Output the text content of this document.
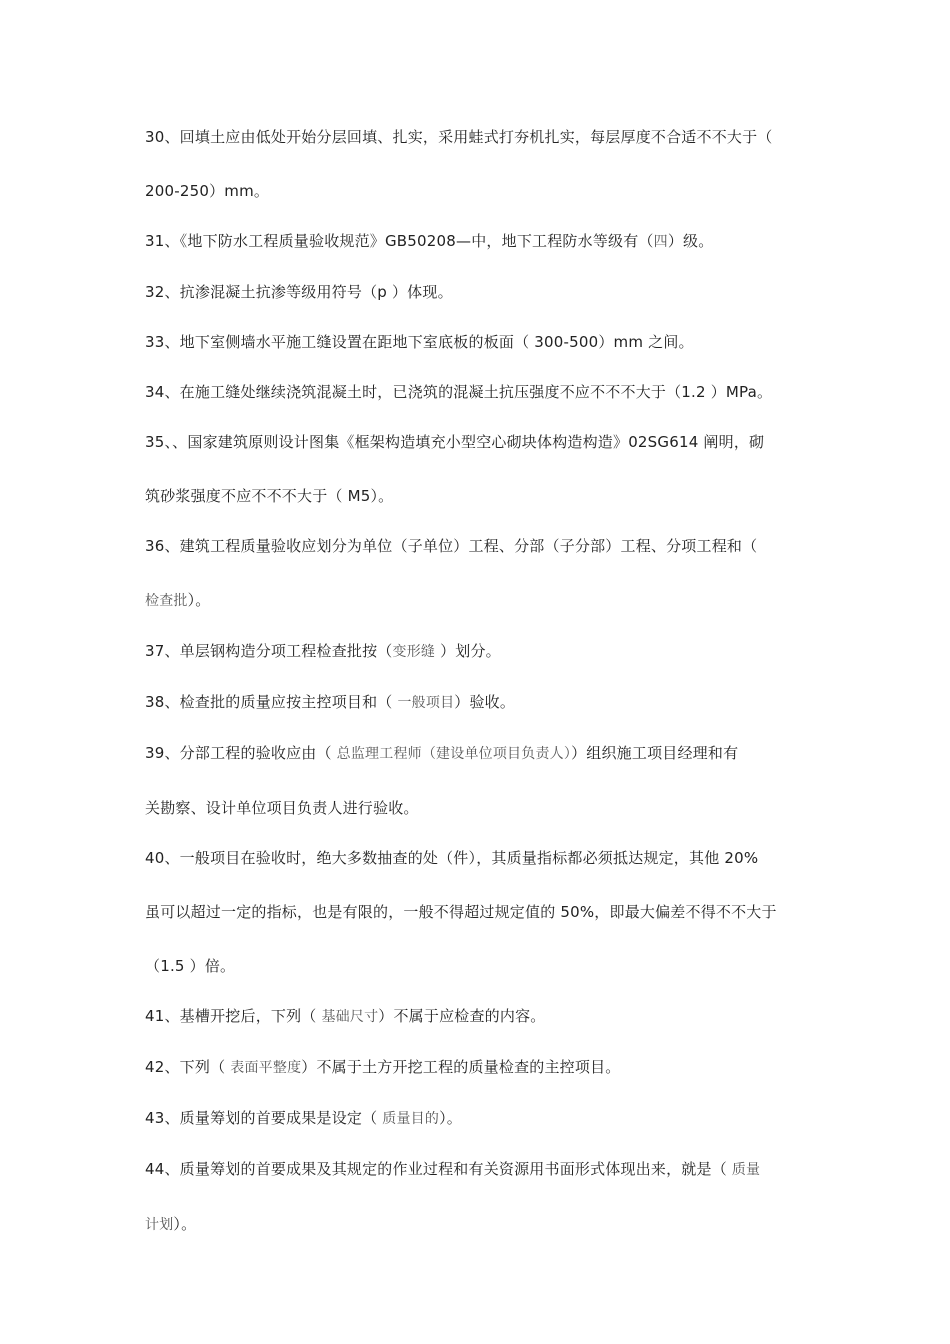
30、回填土应由低处开始分层回填、扎实，采用蛙式打夯机扎实，每层厚度不合适不不大于（
200-250）mm。
31、《地下防水工程质量验收规范》GB50208—中，地下工程防水等级有（四）级。
32、抗渗混凝土抗渗等级用符号（p ）体现。
33、地下室侧墙水平施工缝设置在距地下室底板的板面（ 300-500）mm 之间。
34、在施工缝处继续浇筑混凝土时，已浇筑的混凝土抗压强度不应不不不大于（1.2 ）MPa。
35、、国家建筑原则设计图集《框架构造填充小型空心砌块体构造构造》02SG614 阐明，砌
筑砂浆强度不应不不不大于（ M5）。
36、建筑工程质量验收应划分为单位（子单位）工程、分部（子分部）工程、分项工程和（
检查批）。
37、单层钢构造分项工程检查批按（变形缝 ）划分。
38、检查批的质量应按主控项目和（ 一般项目）验收。
39、分部工程的验收应由（ 总监理工程师（建设单位项目负责人））组织施工项目经理和有
关勘察、设计单位项目负责人进行验收。
40、一般项目在验收时，绝大多数抽查的处（件），其质量指标都必须抵达规定，其他 20%
虽可以超过一定的指标，也是有限的，一般不得超过规定值的 50%，即最大偏差不得不不大于
（1.5 ）倍。
41、基槽开挖后，下列（ 基础尺寸）不属于应检查的内容。
42、下列（ 表面平整度）不属于土方开挖工程的质量检查的主控项目。
43、质量筹划的首要成果是设定（ 质量目的）。
44、质量筹划的首要成果及其规定的作业过程和有关资源用书面形式体现出来，就是（ 质量
计划）。
